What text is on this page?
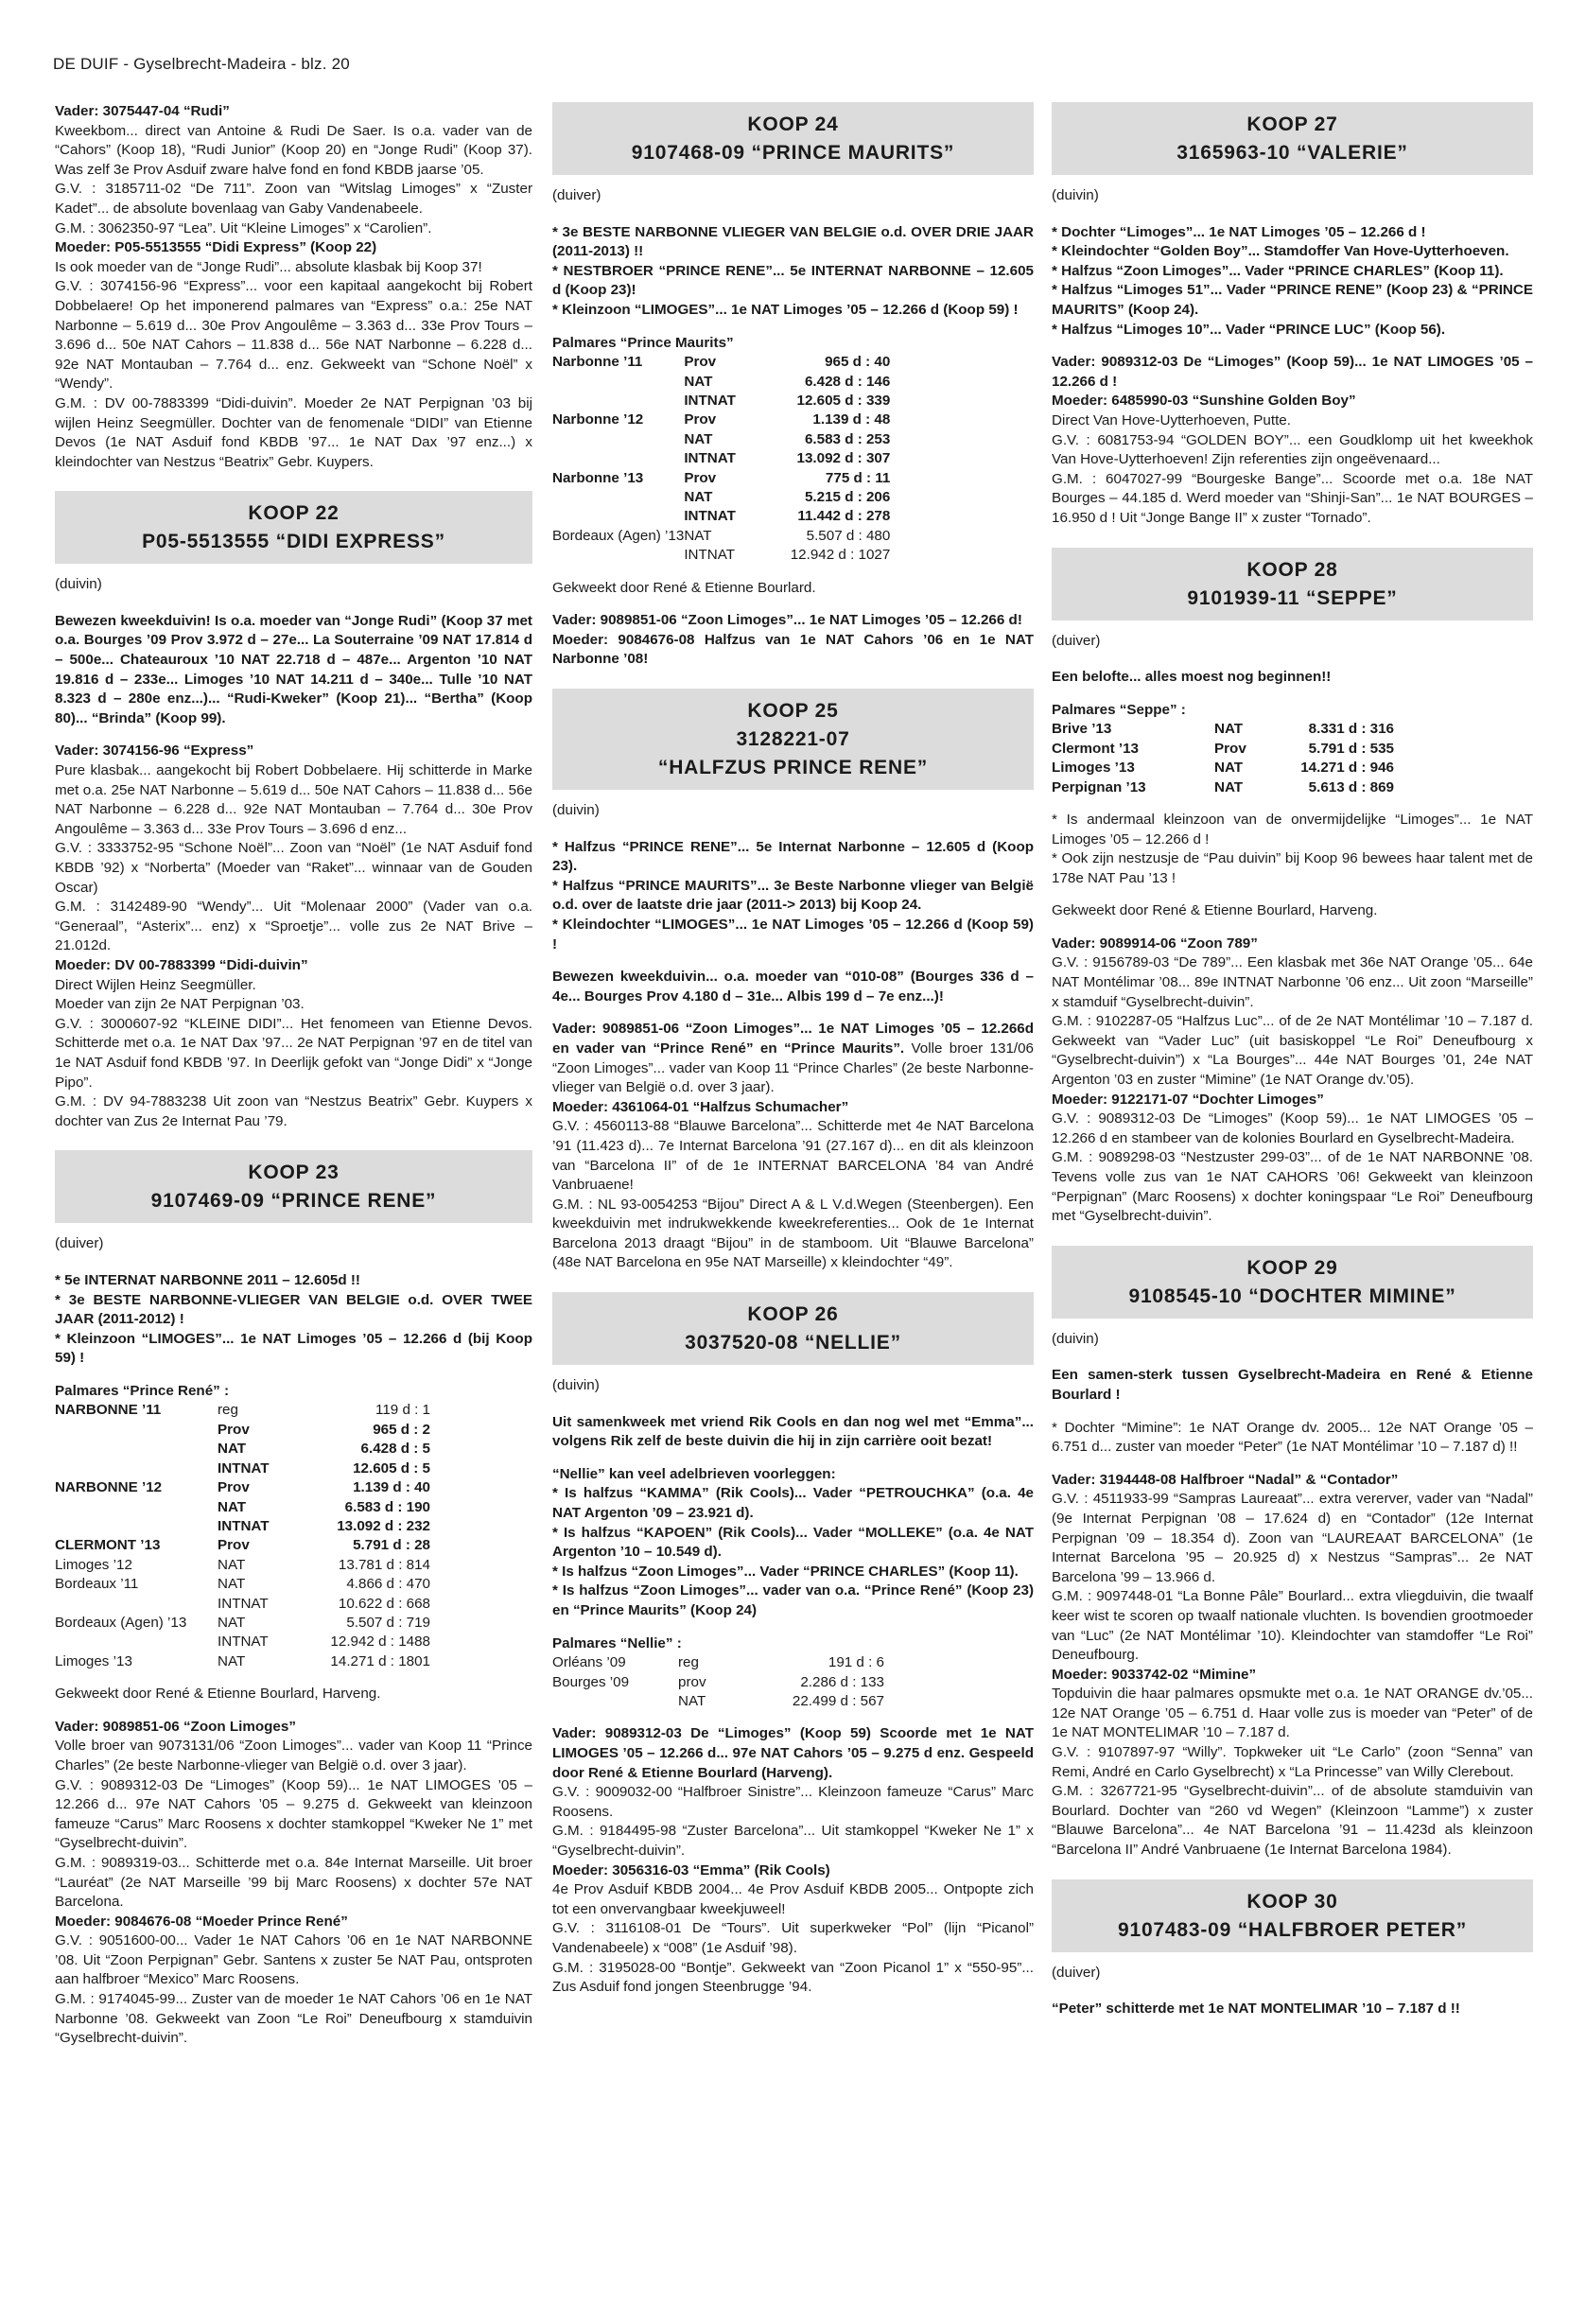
DE DUIF - Gyselbrecht-Madeira - blz. 20

Vader: 3075447-04 “Rudi”

Kweekbom... direct van Antoine & Rudi De Saer. Is o.a. vader van de “Cahors” (Koop 18), “Rudi Junior” (Koop 20) en “Jonge Rudi” (Koop 37). Was zelf 3e Prov Asduif zware halve fond en fond KBDB jaarse ’05.

G.V. : 3185711-02 “De 711”. Zoon van “Witslag Limoges” x “Zuster Kadet”... de absolute bovenlaag van Gaby Vandenabeele.

G.M. : 3062350-97 “Lea”. Uit “Kleine Limoges” x “Carolien”.

Moeder: P05-5513555 “Didi Express” (Koop 22)

Is ook moeder van de “Jonge Rudi”... absolute klasbak bij Koop 37!

G.V. : 3074156-96 “Express”... voor een kapitaal aangekocht bij Robert Dobbelaere! Op het imponerend palmares van “Express” o.a.: 25e NAT Narbonne – 5.619 d... 30e Prov Angoulême – 3.363 d... 33e Prov Tours – 3.696 d... 50e NAT Cahors – 11.838 d... 56e NAT Narbonne – 6.228 d... 92e NAT Montauban – 7.764 d... enz. Gekweekt van “Schone Noël” x “Wendy”.

G.M. : DV 00-7883399 “Didi-duivin”. Moeder 2e NAT Perpignan ’03 bij wijlen Heinz Seegmüller. Dochter van de fenomenale “DIDI” van Etienne Devos (1e NAT Asduif fond KBDB ’97... 1e NAT Dax ’97 enz...) x kleindochter van Nestzus “Beatrix” Gebr. Kuypers.

KOOP 22
P05-5513555 “DIDI EXPRESS”
(duivin)

Bewezen kweekduivin! Is o.a. moeder van “Jonge Rudi” (Koop 37 met o.a. Bourges ’09 Prov 3.972 d – 27e... La Souterraine ’09 NAT 17.814 d – 500e... Chateauroux ’10 NAT 22.718 d – 487e... Argenton ’10 NAT 19.816 d – 233e... Limoges ’10 NAT 14.211 d – 340e... Tulle ’10 NAT 8.323 d – 280e enz...)... “Rudi-Kweker” (Koop 21)... “Bertha” (Koop 80)... “Brinda” (Koop 99).

Vader: 3074156-96 “Express”

Pure klasbak... aangekocht bij Robert Dobbelaere. Hij schitterde in Marke met o.a. 25e NAT Narbonne – 5.619 d... 50e NAT Cahors – 11.838 d... 56e NAT Narbonne – 6.228 d... 92e NAT Montauban – 7.764 d... 30e Prov Angoulême – 3.363 d... 33e Prov Tours – 3.696 d enz...

G.V. : 3333752-95 “Schone Noël”... Zoon van “Noël” (1e NAT Asduif fond KBDB ’92) x “Norberta” (Moeder van “Raket”... winnaar van de Gouden Oscar)

G.M. : 3142489-90 “Wendy”... Uit “Molenaar 2000” (Vader van o.a. “Generaal”, “Asterix”... enz) x “Sproetje”... volle zus 2e NAT Brive – 21.012d.

Moeder: DV 00-7883399 “Didi-duivin”

Direct Wijlen Heinz Seegmüller.

Moeder van zijn 2e NAT Perpignan ’03.

G.V. : 3000607-92 “KLEINE DIDI”... Het fenomeen van Etienne Devos. Schitterde met o.a. 1e NAT Dax ’97... 2e NAT Perpignan ’97 en de titel van 1e NAT Asduif fond KBDB ’97. In Deerlijk gefokt van “Jonge Didi” x “Jonge Pipo”.

G.M. : DV 94-7883238 Uit zoon van “Nestzus Beatrix” Gebr. Kuypers x dochter van Zus 2e Internat Pau ’79.

KOOP 23
9107469-09 “PRINCE RENE”
(duiver)

* 5e INTERNAT NARBONNE 2011 – 12.605d !!

* 3e BESTE NARBONNE-VLIEGER VAN BELGIE o.d. OVER TWEE JAAR (2011-2012) !

* Kleinzoon “LIMOGES”... 1e NAT Limoges ’05 – 12.266 d (bij Koop 59) !

Palmares “Prince René” :

NARBONNE ’11	reg	119 d : 1
	Prov	965 d : 2
	NAT	6.428 d : 5
	INTNAT	12.605 d : 5
NARBONNE ’12	Prov	1.139 d : 40
	NAT	6.583 d : 190
	INTNAT	13.092 d : 232
CLERMONT ’13	Prov	5.791 d : 28
Limoges ’12	NAT	13.781 d : 814
Bordeaux ’11	NAT	4.866 d : 470
	INTNAT	10.622 d : 668
Bordeaux (Agen) ’13	NAT	5.507 d : 719
	INTNAT	12.942 d : 1488
Limoges ’13	NAT	14.271 d : 1801

Gekweekt door René & Etienne Bourlard, Harveng.

Vader: 9089851-06 “Zoon Limoges”

Volle broer van 9073131/06 “Zoon Limoges”... vader van Koop 11 “Prince Charles” (2e beste Narbonne-vlieger van België o.d. over 3 jaar).

G.V. : 9089312-03 De “Limoges” (Koop 59)... 1e NAT LIMOGES ’05 – 12.266 d... 97e NAT Cahors ’05 – 9.275 d. Gekweekt van kleinzoon fameuze “Carus” Marc Roosens x dochter stamkoppel “Kweker Ne 1” met “Gyselbrecht-duivin”.

G.M. : 9089319-03... Schitterde met o.a. 84e Internat Marseille. Uit broer “Lauréat” (2e NAT Marseille ’99 bij Marc Roosens) x dochter 57e NAT Barcelona.

Moeder: 9084676-08 “Moeder Prince René”

G.V. : 9051600-00... Vader 1e NAT Cahors ’06 en 1e NAT NARBONNE ’08. Uit “Zoon Perpignan” Gebr. Santens x zuster 5e NAT Pau, ontsproten aan halfbroer “Mexico” Marc Roosens.

G.M. : 9174045-99... Zuster van de moeder 1e NAT Cahors ’06 en 1e NAT Narbonne ’08. Gekweekt van Zoon “Le Roi” Deneufbourg x stamduivin “Gyselbrecht-duivin”.

KOOP 24
9107468-09 “PRINCE MAURITS”
(duiver)

* 3e BESTE NARBONNE VLIEGER VAN BELGIE o.d. OVER DRIE JAAR (2011-2013) !!

* NESTBROER “PRINCE RENE”... 5e INTERNAT NARBONNE – 12.605 d (Koop 23)!

* Kleinzoon “LIMOGES”... 1e NAT Limoges ’05 – 12.266 d (Koop 59) !

Palmares “Prince Maurits”

Narbonne ’11	Prov	965 d : 40
	NAT	6.428 d : 146
	INTNAT	12.605 d : 339
Narbonne ’12	Prov	1.139 d : 48
	NAT	6.583 d : 253
	INTNAT	13.092 d : 307
Narbonne ’13	Prov	775 d : 11
	NAT	5.215 d : 206
	INTNAT	11.442 d : 278
Bordeaux (Agen) ’13	NAT	5.507 d : 480
	INTNAT	12.942 d : 1027

Gekweekt door René & Etienne Bourlard.

Vader: 9089851-06 “Zoon Limoges”... 1e NAT Limoges ’05 – 12.266 d!

Moeder: 9084676-08 Halfzus van 1e NAT Cahors ’06 en 1e NAT Narbonne ’08!

KOOP 25
3128221-07
“HALFZUS PRINCE RENE”
(duivin)

* Halfzus “PRINCE RENE”... 5e Internat Narbonne – 12.605 d (Koop 23).

* Halfzus “PRINCE MAURITS”... 3e Beste Narbonne vlieger van België o.d. over de laatste drie jaar (2011-> 2013) bij Koop 24.

* Kleindochter “LIMOGES”... 1e NAT Limoges ’05 – 12.266 d (Koop 59) !

Bewezen kweekduivin... o.a. moeder van “010-08” (Bourges 336 d – 4e... Bourges Prov 4.180 d – 31e... Albis 199 d – 7e enz...)!

Vader: 9089851-06 “Zoon Limoges”... 1e NAT Limoges ’05 – 12.266d en vader van “Prince René” en “Prince Maurits”. Volle broer 131/06 “Zoon Limoges”... vader van Koop 11 “Prince Charles” (2e beste Narbonne-vlieger van België o.d. over 3 jaar).

Moeder: 4361064-01 “Halfzus Schumacher”

G.V. : 4560113-88 “Blauwe Barcelona”... Schitterde met 4e NAT Barcelona ’91 (11.423 d)... 7e Internat Barcelona ’91 (27.167 d)... en dit als kleinzoon van “Barcelona II” of de 1e INTERNAT BARCELONA ’84 van André Vanbruaene!

G.M. : NL 93-0054253 “Bijou” Direct A & L V.d.Wegen (Steenbergen). Een kweekduivin met indrukwekkende kweekreferenties... Ook de 1e Internat Barcelona 2013 draagt “Bijou” in de stamboom. Uit “Blauwe Barcelona” (48e NAT Barcelona en 95e NAT Marseille) x kleindochter “49”.

KOOP 26
3037520-08 “NELLIE”
(duivin)

Uit samenkweek met vriend Rik Cools en dan nog wel met “Emma”... volgens Rik zelf de beste duivin die hij in zijn carrière ooit bezat!

“Nellie” kan veel adelbrieven voorleggen:

* Is halfzus “KAMMA” (Rik Cools)... Vader “PETROUCHKA” (o.a. 4e NAT Argenton ’09 – 23.921 d).

* Is halfzus “KAPOEN” (Rik Cools)... Vader “MOLLEKE” (o.a. 4e NAT Argenton ’10 – 10.549 d).

* Is halfzus “Zoon Limoges”... Vader “PRINCE CHARLES” (Koop 11).

* Is halfzus “Zoon Limoges”... vader van o.a. “Prince René” (Koop 23) en “Prince Maurits” (Koop 24)

Palmares “Nellie” :

Orléans ’09	reg	191 d : 6
Bourges ’09	prov	2.286 d : 133
	NAT	22.499 d : 567

Vader: 9089312-03 De “Limoges” (Koop 59) Scoorde met 1e NAT LIMOGES ’05 – 12.266 d... 97e NAT Cahors ’05 – 9.275 d enz. Gespeeld door René & Etienne Bourlard (Harveng).

G.V. : 9009032-00 “Halfbroer Sinistre”... Kleinzoon fameuze “Carus” Marc Roosens.

G.M. : 9184495-98 “Zuster Barcelona”... Uit stamkoppel “Kweker Ne 1” x “Gyselbrecht-duivin”.

Moeder: 3056316-03 “Emma” (Rik Cools)

4e Prov Asduif KBDB 2004... 4e Prov Asduif KBDB 2005... Ontpopte zich tot een onvervangbaar kweekjuweel!

G.V. : 3116108-01 De “Tours”. Uit superkweker “Pol” (lijn “Picanol” Vandenabeele) x “008” (1e Asduif ’98).

G.M. : 3195028-00 “Bontje”. Gekweekt van “Zoon Picanol 1” x “550-95”... Zus Asduif fond jongen Steenbrugge ’94.

KOOP 27
3165963-10 “VALERIE”
(duivin)

* Dochter “Limoges”... 1e NAT Limoges ’05 – 12.266 d !

* Kleindochter “Golden Boy”... Stamdoffer Van Hove-Uytterhoeven.

* Halfzus “Zoon Limoges”... Vader “PRINCE CHARLES” (Koop 11).

* Halfzus “Limoges 51”... Vader “PRINCE RENE” (Koop 23) & “PRINCE MAURITS” (Koop 24).

* Halfzus “Limoges 10”... Vader “PRINCE LUC” (Koop 56).

Vader: 9089312-03 De “Limoges” (Koop 59)... 1e NAT LIMOGES ’05 – 12.266 d !

Moeder: 6485990-03 “Sunshine Golden Boy”

Direct Van Hove-Uytterhoeven, Putte.

G.V. : 6081753-94 “GOLDEN BOY”... een Goudklomp uit het kweekhok Van Hove-Uytterhoeven! Zijn referenties zijn ongeëvenaard...

G.M. : 6047027-99 “Bourgeske Bange”... Scoorde met o.a. 18e NAT Bourges – 44.185 d. Werd moeder van “Shinji-San”... 1e NAT BOURGES – 16.950 d ! Uit “Jonge Bange II” x zuster “Tornado”.

KOOP 28
9101939-11 “SEPPE”
(duiver)

Een belofte... alles moest nog beginnen!!

Palmares “Seppe” :

Brive ’13	NAT	8.331 d : 316
Clermont ’13	Prov	5.791 d : 535
Limoges ’13	NAT	14.271 d : 946
Perpignan ’13	NAT	5.613 d : 869

* Is andermaal kleinzoon van de onvermijdelijke “Limoges”... 1e NAT Limoges ’05 – 12.266 d !

* Ook zijn nestzusje de “Pau duivin” bij Koop 96 bewees haar talent met de 178e NAT Pau ’13 !

Gekweekt door René & Etienne Bourlard, Harveng.

Vader: 9089914-06 “Zoon 789”

G.V. : 9156789-03 “De 789”... Een klasbak met 36e NAT Orange ’05... 64e NAT Montélimar ’08... 89e INTNAT Narbonne ’06 enz... Uit zoon “Marseille” x stamduif “Gyselbrecht-duivin”.

G.M. : 9102287-05 “Halfzus Luc”... of de 2e NAT Montélimar ’10 – 7.187 d. Gekweekt van “Vader Luc” (uit basiskoppel “Le Roi” Deneufbourg x “Gyselbrecht-duivin”) x “La Bourges”... 44e NAT Bourges ’01, 24e NAT Argenton ’03 en zuster “Mimine” (1e NAT Orange dv.’05).

Moeder: 9122171-07 “Dochter Limoges”

G.V. : 9089312-03 De “Limoges” (Koop 59)... 1e NAT LIMOGES ’05 – 12.266 d en stambeer van de kolonies Bourlard en Gyselbrecht-Madeira.

G.M. : 9089298-03 “Nestzuster 299-03”... of de 1e NAT NARBONNE ’08. Tevens volle zus van 1e NAT CAHORS ’06! Gekweekt van kleinzoon “Perpignan” (Marc Roosens) x dochter koningspaar “Le Roi” Deneufbourg met “Gyselbrecht-duivin”.

KOOP 29
9108545-10 “DOCHTER MIMINE”
(duivin)

Een samen-sterk tussen Gyselbrecht-Madeira en René & Etienne Bourlard !

* Dochter “Mimine”: 1e NAT Orange dv. 2005... 12e NAT Orange ’05 – 6.751 d... zuster van moeder “Peter” (1e NAT Montélimar ’10 – 7.187 d) !!

Vader: 3194448-08 Halfbroer “Nadal” & “Contador”

G.V. : 4511933-99 “Sampras Laureaat”... extra vererver, vader van “Nadal” (9e Internat Perpignan ’08 – 17.624 d) en “Contador” (12e Internat Perpignan ’09 – 18.354 d). Zoon van “LAUREAAT BARCELONA” (1e Internat Barcelona ’95 – 20.925 d) x Nestzus “Sampras”... 2e NAT Barcelona ’99 – 13.966 d.

G.M. : 9097448-01 “La Bonne Pâle” Bourlard... extra vliegduivin, die twaalf keer wist te scoren op twaalf nationale vluchten. Is bovendien grootmoeder van “Luc” (2e NAT Montélimar ’10). Kleindochter van stamdoffer “Le Roi” Deneufbourg.

Moeder: 9033742-02 “Mimine”

Topduivin die haar palmares opsmukte met o.a. 1e NAT ORANGE dv.’05... 12e NAT Orange ’05 – 6.751 d. Haar volle zus is moeder van “Peter” of de 1e NAT MONTELIMAR ’10 – 7.187 d.

G.V. : 9107897-97 “Willy”. Topkweker uit “Le Carlo” (zoon “Senna” van Remi, André en Carlo Gyselbrecht) x “La Princesse” van Willy Clerebout.

G.M. : 3267721-95 “Gyselbrecht-duivin”... of de absolute stamduivin van Bourlard. Dochter van “260 vd Wegen” (Kleinzoon “Lamme”) x zuster “Blauwe Barcelona”... 4e NAT Barcelona ’91 – 11.423d als kleinzoon “Barcelona II” André Vanbruaene (1e Internat Barcelona 1984).

KOOP 30
9107483-09 “HALFBROER PETER”
(duiver)

“Peter” schitterde met 1e NAT MONTELIMAR ’10 – 7.187 d !!
